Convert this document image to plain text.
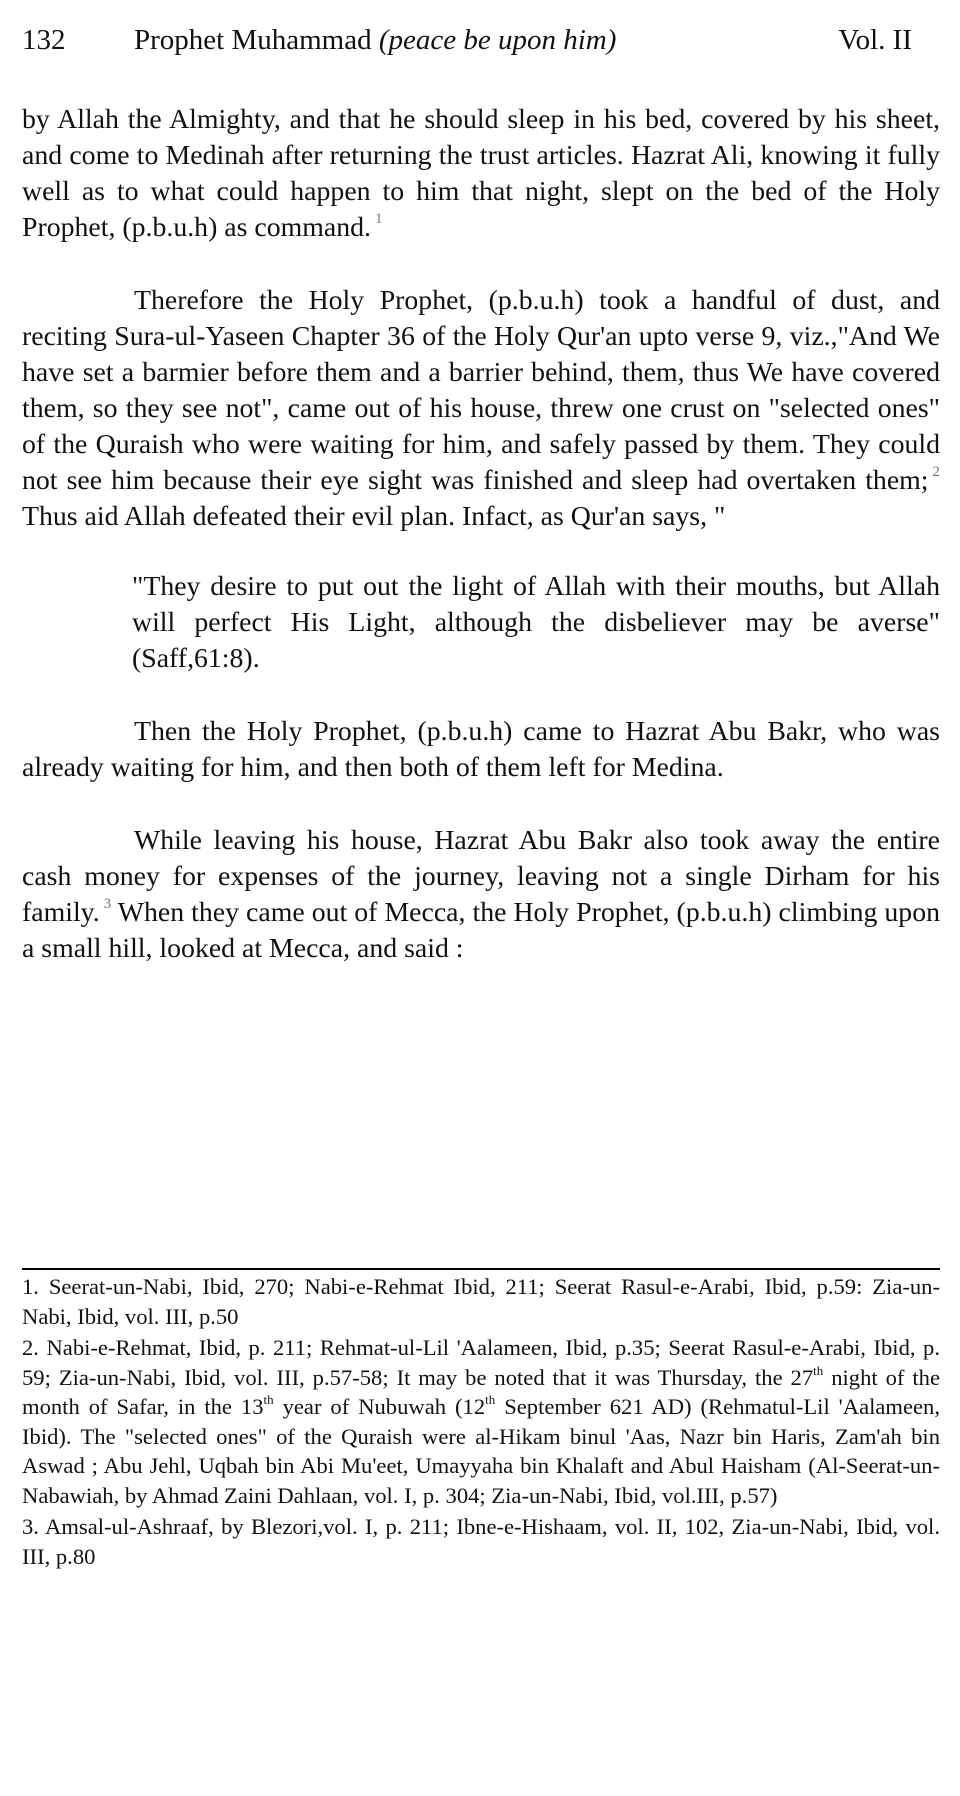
132 Prophet Muhammad (peace be upon him)	Vol. II

by Allah the Almighty, and that he should sleep in his bed, covered by his sheet, and come to Medinah after returning the trust articles. Hazrat Ali, knowing it fully well as to what could happen to him that night, slept on the bed of the Holy Prophet, (p.b.u.h) as command. $^1$

Therefore the Holy Prophet, (p.b.u.h) took a handful of dust, and reciting Sura-ul-Yaseen Chapter 36 of the Holy Qur'an upto verse 9, viz.,"And We have set a barmier before them and a barrier behind, them, thus We have covered them, so they see not", came out of his house, threw one crust on "selected ones" of the Quraish who were waiting for him, and safely passed by them. They could not see him because their eye sight was finished and sleep had overtaken them; $^2$ Thus aid Allah defeated their evil plan. Infact, as Qur'an says, "

"They desire to put out the light of Allah with their mouths, but Allah will perfect His Light, although the disbeliever may be averse"(Saff,61:8).

Then the Holy Prophet, (p.b.u.h) came to Hazrat Abu Bakr, who was already waiting for him, and then both of them left for Medina.

While leaving his house, Hazrat Abu Bakr also took away the entire cash money for expenses of the journey, leaving not a single Dirham for his family. $^3$ When they came out of Mecca, the Holy Prophet, (p.b.u.h) climbing upon a small hill, looked at Mecca, and said :

1. Seerat-un-Nabi, Ibid, 270; Nabi-e-Rehmat Ibid, 211; Seerat Rasul-e-Arabi, Ibid, p.59: Zia-un-Nabi, Ibid, vol. III, p.50

2. Nabi-e-Rehmat, Ibid, p. 211; Rehmat-ul-Lil 'Aalameen, Ibid, p.35; Seerat Rasul-e-Arabi, Ibid, p. 59; Zia-un-Nabi, Ibid, vol. III, p.57-58; It may be noted that it was Thursday, the 27th night of the month of Safar, in the 13th year of Nubuwah (12th September 621 AD) (Rehmatul-Lil 'Aalameen, Ibid). The "selected ones" of the Quraish were al-Hikam binul 'Aas, Nazr bin Haris, Zam'ah bin Aswad ; Abu Jehl, Uqbah bin Abi Mu'eet, Umayyaha bin Khalaft and Abul Haisham (Al-Seerat-un-Nabawiah, by Ahmad Zaini Dahlaan, vol. I, p. 304; Zia-un-Nabi, Ibid, vol.III, p.57)

3. Amsal-ul-Ashraaf, by Blezori,vol. I, p. 211; Ibne-e-Hishaam, vol. II, 102, Zia-un-Nabi, Ibid, vol. III, p.80
